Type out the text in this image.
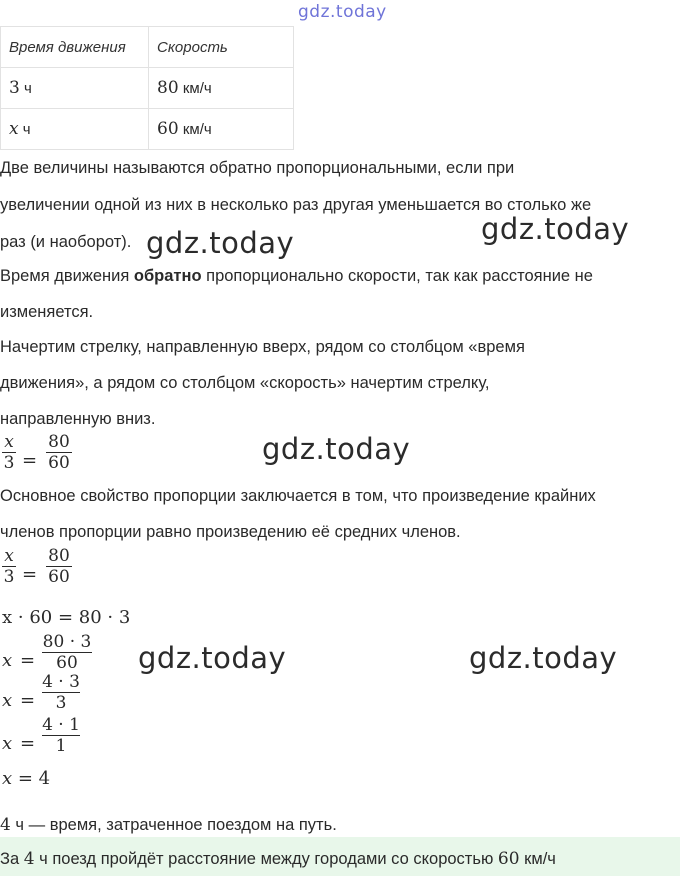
gdz.today
gdz.today	gdz.today
gdz.today
gdz.today	gdz.today
Время движения	Скорость
3 ч	80 км/ч
x ч	60 км/ч
Две величины называются обратно пропорциональными, если при
увеличении одной из них в несколько раз другая уменьшается во столько же
раз (и наоборот).
Время движения обратно пропорционально скорости, так как расстояние не
изменяется.
Начертим стрелку, направленную вверх, рядом со столбцом «время
движения», а рядом со столбцом «скорость» начертим стрелку,
направленную вниз.
x
3 =
80
60
Основное свойство пропорции заключается в том, что произведение крайних
членов пропорции равно произведению её средних членов.
x
3 =
80
60
x · 60 = 80 · 3
x =
80 · 3
60
x =
4 · 3
3
x =
4 · 1
1
x = 4
4 ч — время, затраченное поездом на путь.
За 4 ч поезд пройдёт расстояние между городами со скоростью 60 км/ч
